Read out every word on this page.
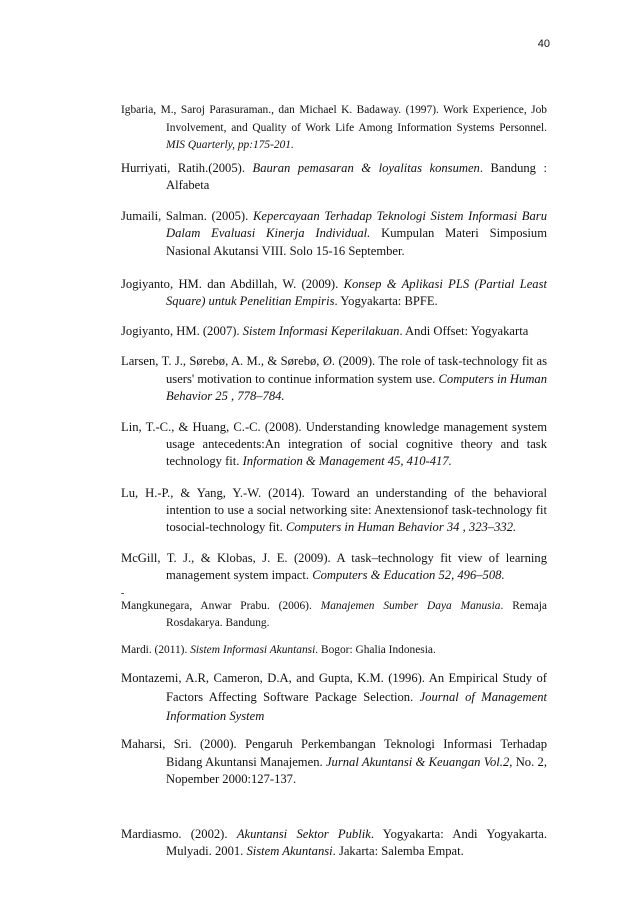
40

Igbaria, M., Saroj Parasuraman., dan Michael K. Badaway. (1997). Work Experience, Job Involvement, and Quality of Work Life Among Information Systems Personnel. MIS Quarterly, pp:175-201.

Hurriyati, Ratih.(2005). Bauran pemasaran & loyalitas konsumen. Bandung : Alfabeta

Jumaili, Salman. (2005). Kepercayaan Terhadap Teknologi Sistem Informasi Baru Dalam Evaluasi Kinerja Individual. Kumpulan Materi Simposium Nasional Akutansi VIII. Solo 15-16 September.

Jogiyanto, HM. dan Abdillah, W. (2009). Konsep & Aplikasi PLS (Partial Least Square) untuk Penelitian Empiris. Yogyakarta: BPFE.

Jogiyanto, HM. (2007). Sistem Informasi Keperilakuan. Andi Offset: Yogyakarta

Larsen, T. J., Sørebø, A. M., & Sørebø, Ø. (2009). The role of task-technology fit as users' motivation to continue information system use. Computers in Human Behavior 25 , 778–784.

Lin, T.-C., & Huang, C.-C. (2008). Understanding knowledge management system usage antecedents:An integration of social cognitive theory and task technology fit. Information & Management 45, 410-417.

Lu, H.-P., & Yang, Y.-W. (2014). Toward an understanding of the behavioral intention to use a social networking site: Anextensionof task-technology fit tosocial-technology fit. Computers in Human Behavior 34 , 323–332.

McGill, T. J., & Klobas, J. E. (2009). A task–technology fit view of learning management system impact. Computers & Education 52, 496–508.

-

Mangkunegara, Anwar Prabu. (2006). Manajemen Sumber Daya Manusia. Remaja Rosdakarya. Bandung.

Mardi. (2011). Sistem Informasi Akuntansi. Bogor: Ghalia Indonesia.

Montazemi, A.R, Cameron, D.A, and Gupta, K.M. (1996). An Empirical Study of Factors Affecting Software Package Selection. Journal of Management Information System

Maharsi, Sri. (2000). Pengaruh Perkembangan Teknologi Informasi Terhadap Bidang Akuntansi Manajemen. Jurnal Akuntansi & Keuangan Vol.2, No. 2, Nopember 2000:127-137.

Mardiasmo. (2002). Akuntansi Sektor Publik. Yogyakarta: Andi Yogyakarta. Mulyadi. 2001. Sistem Akuntansi. Jakarta: Salemba Empat.
